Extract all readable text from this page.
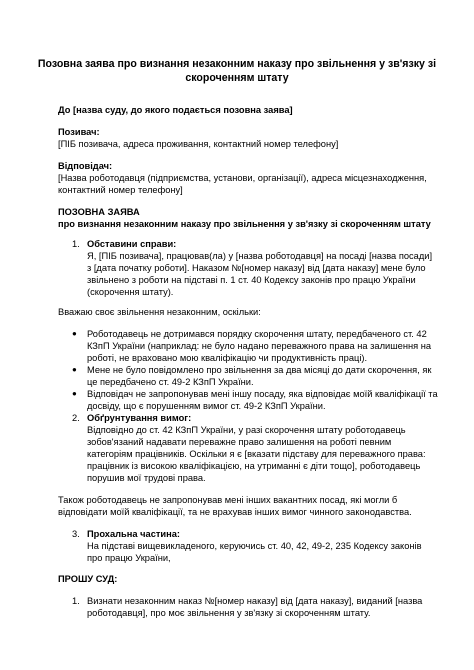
Позовна заява про визнання незаконним наказу про звільнення у зв'язку зі
скороченням штату
До [назва суду, до якого подається позовна заява]
Позивач:
[ПІБ позивача, адреса проживання, контактний номер телефону]
Відповідач:
[Назва роботодавця (підприємства, установи, організації), адреса місцезнаходження,
контактний номер телефону]
ПОЗОВНА ЗАЯВА
про визнання незаконним наказу про звільнення у зв'язку зі скороченням штату
1. Обставини справи:
Я, [ПІБ позивача], працював(ла) у [назва роботодавця] на посаді [назва посади]
з [дата початку роботи]. Наказом №[номер наказу] від [дата наказу] мене було
звільнено з роботи на підставі п. 1 ст. 40 Кодексу законів про працю України
(скорочення штату).
Вважаю своє звільнення незаконним, оскільки:
● Роботодавець не дотримався порядку скорочення штату, передбаченого ст. 42
КЗпП України (наприклад: не було надано переважного права на залишення на
роботі, не враховано мою кваліфікацію чи продуктивність праці).
● Мене не було повідомлено про звільнення за два місяці до дати скорочення, як
це передбачено ст. 49-2 КЗпП України.
● Відповідач не запропонував мені іншу посаду, яка відповідає моїй кваліфікації та
досвіду, що є порушенням вимог ст. 49-2 КЗпП України.
2. Обґрунтування вимог:
Відповідно до ст. 42 КЗпП України, у разі скорочення штату роботодавець
зобов'язаний надавати переважне право залишення на роботі певним
категоріям працівників. Оскільки я є [вказати підставу для переважного права:
працівник із високою кваліфікацією, на утриманні є діти тощо], роботодавець
порушив мої трудові права.
Також роботодавець не запропонував мені інших вакантних посад, які могли б
відповідати моїй кваліфікації, та не врахував інших вимог чинного законодавства.
3. Прохальна частина:
На підставі вищевикладеного, керуючись ст. 40, 42, 49-2, 235 Кодексу законів
про працю України,
ПРОШУ СУД:
1. Визнати незаконним наказ №[номер наказу] від [дата наказу], виданий [назва
роботодавця], про моє звільнення у зв'язку зі скороченням штату.
